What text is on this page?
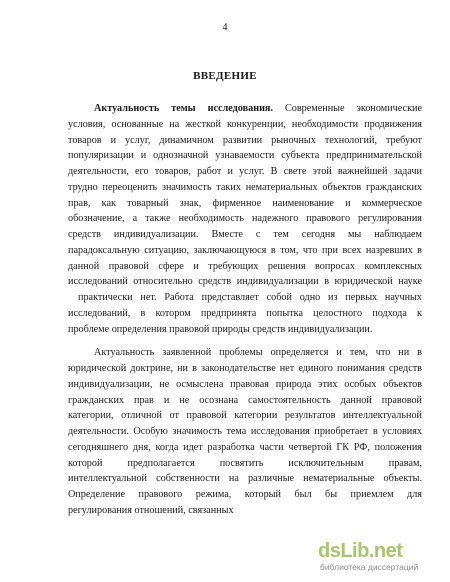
4
ВВЕДЕНИЕ
Актуальность темы исследования. Современные экономические
условия, основанные на жесткой конкуренции, необходимости продвижения
товаров и услуг, динамичном развитии рыночных технологий, требуют
популяризации и однозначной узнаваемости субъекта предпринимательской
деятельности, его товаров, работ и услуг. В свете этой важнейшей задачи
трудно переоценить значимость таких нематериальных объектов гражданских
прав, как товарный знак, фирменное наименование и коммерческое
обозначение, а также необходимость надежного правового регулирования
средств индивидуализации. Вместе с тем сегодня мы наблюдаем
парадоксальную ситуацию, заключающуюся в том, что при всех назревших в
данной правовой сфере и требующих решения вопросах комплексных
исследований относительно средств индивидуализации в юридической науке
практически нет. Работа представляет собой одно из первых научных
исследований, в котором предпринята попытка целостного подхода к
проблеме определения правовой природы средств индивидуализации.
Актуальность заявленной проблемы определяется и тем, что ни в
юридической доктрине, ни в законодательстве нет единого понимания средств
индивидуализации, не осмыслена правовая природа этих особых объектов
гражданских прав и не осознана самостоятельность данной правовой
категории, отличной от правовой категории результатов интеллектуальной
деятельности. Особую значимость тема исследования приобретает в условиях
сегодняшнего дня, когда идет разработка части четвертой ГК РФ, положения
которой предполагается посвятить исключительным правам,
интеллектуальной собственности на различные нематериальные объекты.
Определение правового режима, который был бы приемлем для
регулирования отношений, связанных
dsLib.net
библиотека диссертаций
